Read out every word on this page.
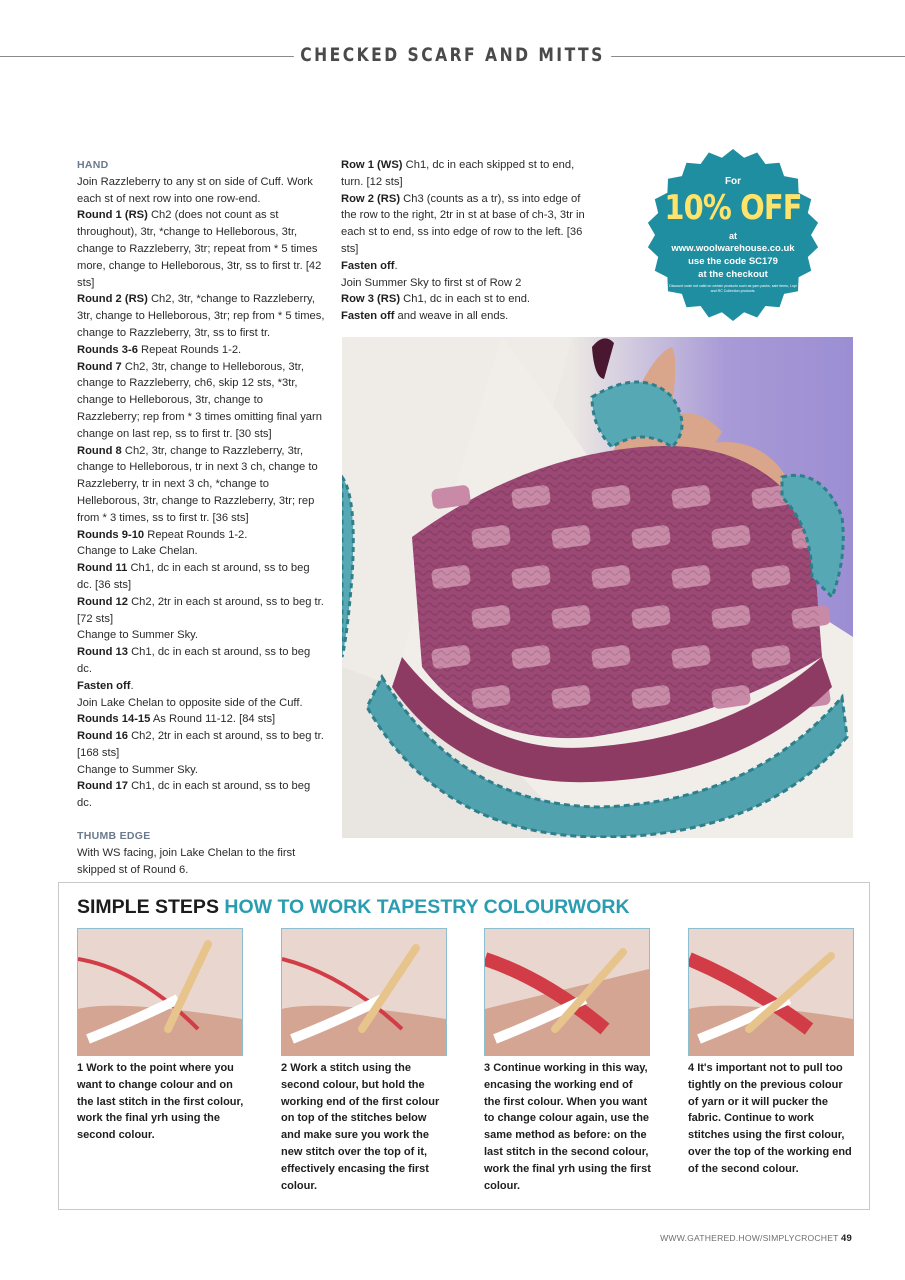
CHECKED SCARF AND MITTS

HAND

Join Razzleberry to any st on side of Cuff. Work each st of next row into one row-end.

Round 1 (RS) Ch2 (does not count as st throughout), 3tr, *change to Helleborous, 3tr, change to Razzleberry, 3tr; repeat from * 5 times more, change to Helleborous, 3tr, ss to first tr. [42 sts]

Round 2 (RS) Ch2, 3tr, *change to Razzleberry, 3tr, change to Helleborous, 3tr; rep from * 5 times, change to Razzleberry, 3tr, ss to first tr.

Rounds 3-6 Repeat Rounds 1-2.

Round 7 Ch2, 3tr, change to Helleborous, 3tr, change to Razzleberry, ch6, skip 12 sts, *3tr, change to Helleborous, 3tr, change to Razzleberry; rep from * 3 times omitting final yarn change on last rep, ss to first tr. [30 sts]

Round 8 Ch2, 3tr, change to Razzleberry, 3tr, change to Helleborous, tr in next 3 ch, change to Razzleberry, tr in next 3 ch, *change to Helleborous, 3tr, change to Razzleberry, 3tr; rep from * 3 times, ss to first tr. [36 sts]

Rounds 9-10 Repeat Rounds 1-2.

Change to Lake Chelan.

Round 11 Ch1, dc in each st around, ss to beg dc. [36 sts]

Round 12 Ch2, 2tr in each st around, ss to beg tr. [72 sts]

Change to Summer Sky.

Round 13 Ch1, dc in each st around, ss to beg dc.

Fasten off.

Join Lake Chelan to opposite side of the Cuff.

Rounds 14-15 As Round 11-12. [84 sts]

Round 16 Ch2, 2tr in each st around, ss to beg tr. [168 sts]

Change to Summer Sky.

Round 17 Ch1, dc in each st around, ss to beg dc.

THUMB EDGE

With WS facing, join Lake Chelan to the first skipped st of Round 6.

Row 1 (WS) Ch1, dc in each skipped st to end, turn. [12 sts]

Row 2 (RS) Ch3 (counts as a tr), ss into edge of the row to the right, 2tr in st at base of ch-3, 3tr in each st to end, ss into edge of row to the left. [36 sts]

Fasten off.

Join Summer Sky to first st of Row 2

Row 3 (RS) Ch1, dc in each st to end.

Fasten off and weave in all ends.

For
10% OFF
at
www.woolwarehouse.co.uk
use the code SC179
at the checkout
Discount code not valid on certain products such as yarn packs, sale items, Lopi and RC Collection products.
SIMPLE STEPS HOW TO WORK TAPESTRY COLOURWORK
1 Work to the point where you want to change colour and on the last stitch in the first colour, work the final yrh using the second colour.
2 Work a stitch using the second colour, but hold the working end of the first colour on top of the stitches below and make sure you work the new stitch over the top of it, effectively encasing the first colour.
3 Continue working in this way, encasing the working end of the first colour. When you want to change colour again, use the same method as before: on the last stitch in the second colour, work the final yrh using the first colour.
4 It's important not to pull too tightly on the previous colour of yarn or it will pucker the fabric. Continue to work stitches using the first colour, over the top of the working end of the second colour.
WWW.GATHERED.HOW/SIMPLYCROCHET 49
